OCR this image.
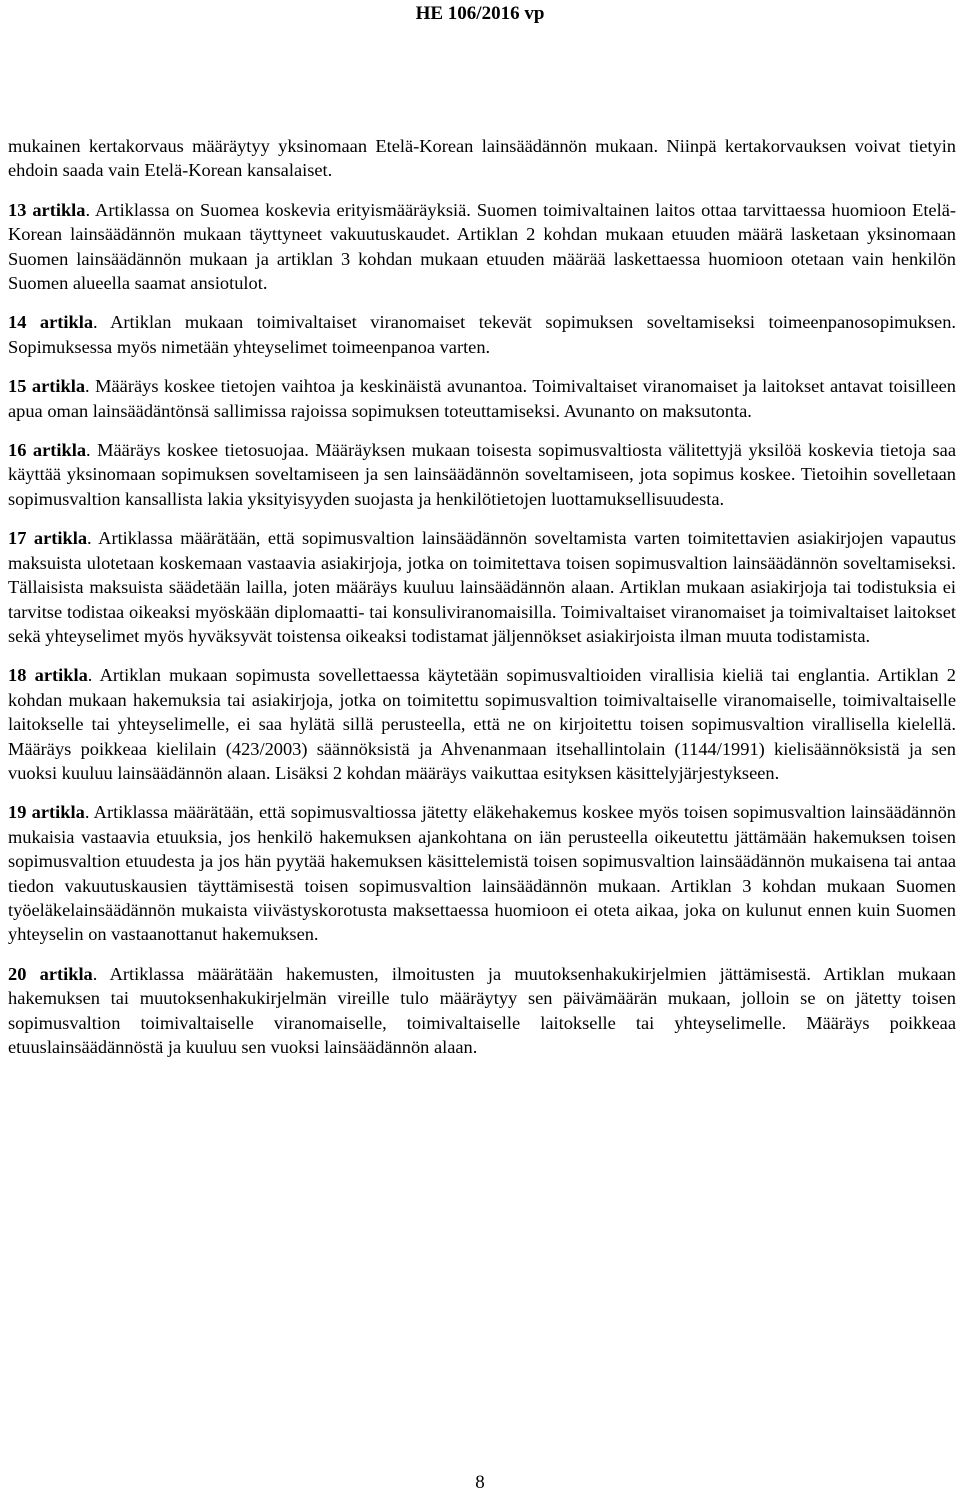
HE 106/2016 vp

mukainen kertakorvaus määräytyy yksinomaan Etelä-Korean lainsäädännön mukaan. Niinpä kertakorvauksen voivat tietyin ehdoin saada vain Etelä-Korean kansalaiset.

13 artikla. Artiklassa on Suomea koskevia erityismääräyksiä. Suomen toimivaltainen laitos ottaa tarvittaessa huomioon Etelä-Korean lainsäädännön mukaan täyttyneet vakuutuskaudet. Artiklan 2 kohdan mukaan etuuden määrä lasketaan yksinomaan Suomen lainsäädännön mukaan ja artiklan 3 kohdan mukaan etuuden määrää laskettaessa huomioon otetaan vain henkilön Suomen alueella saamat ansiotulot.

14 artikla. Artiklan mukaan toimivaltaiset viranomaiset tekevät sopimuksen soveltamiseksi toimeenpanosopimuksen. Sopimuksessa myös nimetään yhteyselimet toimeenpanoa varten.

15 artikla. Määräys koskee tietojen vaihtoa ja keskinäistä avunantoa. Toimivaltaiset viranomaiset ja laitokset antavat toisilleen apua oman lainsäädäntönsä sallimissa rajoissa sopimuksen toteuttamiseksi. Avunanto on maksutonta.

16 artikla. Määräys koskee tietosuojaa. Määräyksen mukaan toisesta sopimusvaltiosta välitettyjä yksilöä koskevia tietoja saa käyttää yksinomaan sopimuksen soveltamiseen ja sen lainsäädännön soveltamiseen, jota sopimus koskee. Tietoihin sovelletaan sopimusvaltion kansallista lakia yksityisyyden suojasta ja henkilötietojen luottamuksellisuudesta.

17 artikla. Artiklassa määrätään, että sopimusvaltion lainsäädännön soveltamista varten toimitettavien asiakirjojen vapautus maksuista ulotetaan koskemaan vastaavia asiakirjoja, jotka on toimitettava toisen sopimusvaltion lainsäädännön soveltamiseksi. Tällaisista maksuista säädetään lailla, joten määräys kuuluu lainsäädännön alaan. Artiklan mukaan asiakirjoja tai todistuksia ei tarvitse todistaa oikeaksi myöskään diplomaatti- tai konsuliviranomaisilla. Toimivaltaiset viranomaiset ja toimivaltaiset laitokset sekä yhteyselimet myös hyväksyvät toistensa oikeaksi todistamat jäljennökset asiakirjoista ilman muuta todistamista.

18 artikla. Artiklan mukaan sopimusta sovellettaessa käytetään sopimusvaltioiden virallisia kieliä tai englantia. Artiklan 2 kohdan mukaan hakemuksia tai asiakirjoja, jotka on toimitettu sopimusvaltion toimivaltaiselle viranomaiselle, toimivaltaiselle laitokselle tai yhteyselimelle, ei saa hylätä sillä perusteella, että ne on kirjoitettu toisen sopimusvaltion virallisella kielellä. Määräys poikkeaa kielilain (423/2003) säännöksistä ja Ahvenanmaan itsehallintolain (1144/1991) kielisäännöksistä ja sen vuoksi kuuluu lainsäädännön alaan. Lisäksi 2 kohdan määräys vaikuttaa esityksen käsittelyjärjestykseen.

19 artikla. Artiklassa määrätään, että sopimusvaltiossa jätetty eläkehakemus koskee myös toisen sopimusvaltion lainsäädännön mukaisia vastaavia etuuksia, jos henkilö hakemuksen ajankohtana on iän perusteella oikeutettu jättämään hakemuksen toisen sopimusvaltion etuudesta ja jos hän pyytää hakemuksen käsittelemistä toisen sopimusvaltion lainsäädännön mukaisena tai antaa tiedon vakuutuskausien täyttämisestä toisen sopimusvaltion lainsäädännön mukaan. Artiklan 3 kohdan mukaan Suomen työeläkelainsäädännön mukaista viivästyskorotusta maksettaessa huomioon ei oteta aikaa, joka on kulunut ennen kuin Suomen yhteyselin on vastaanottanut hakemuksen.

20 artikla. Artiklassa määrätään hakemusten, ilmoitusten ja muutoksenhakukirjelmien jättämisestä. Artiklan mukaan hakemuksen tai muutoksenhakukirjelmän vireille tulo määräytyy sen päivämäärän mukaan, jolloin se on jätetty toisen sopimusvaltion toimivaltaiselle viranomaiselle, toimivaltaiselle laitokselle tai yhteyselimelle. Määräys poikkeaa etuuslainsäädännöstä ja kuuluu sen vuoksi lainsäädännön alaan.

8
